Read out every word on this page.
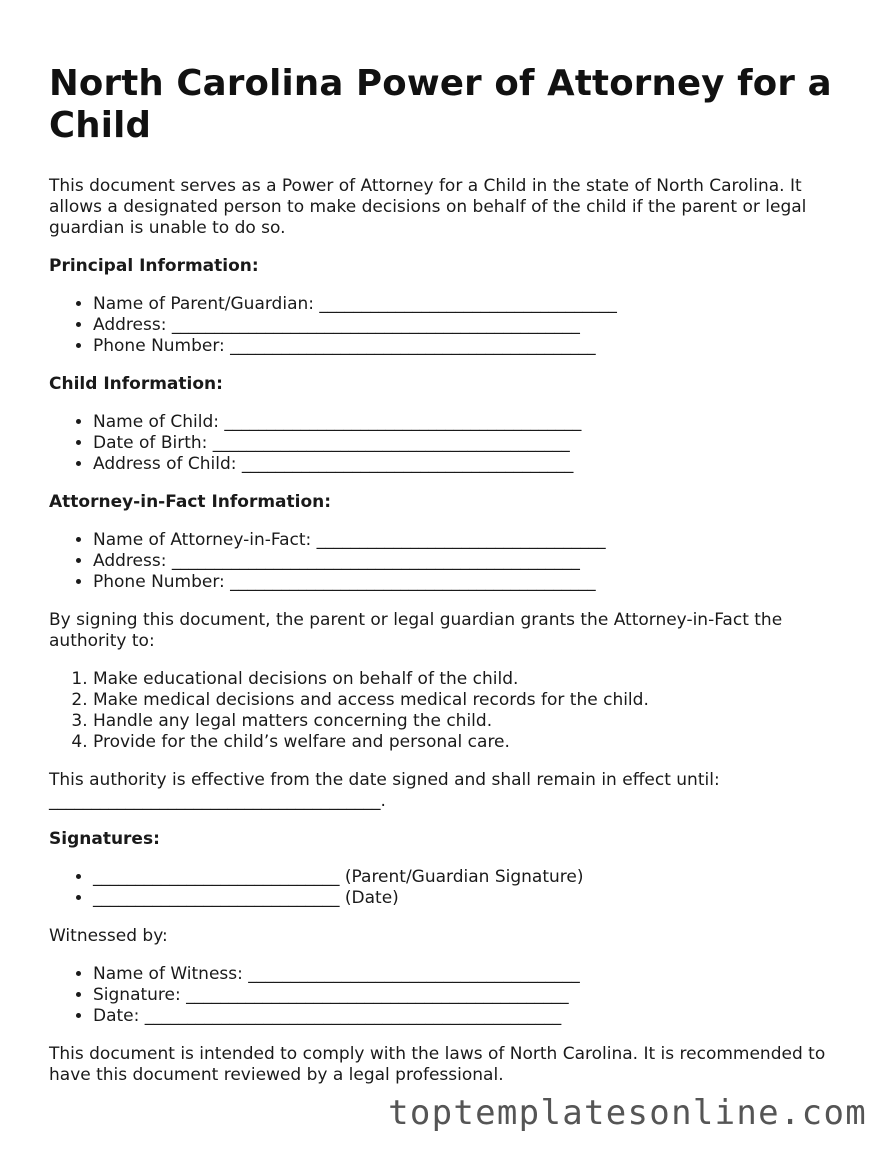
North Carolina Power of Attorney for a Child

This document serves as a Power of Attorney for a Child in the state of North Carolina. It allows a designated person to make decisions on behalf of the child if the parent or legal guardian is unable to do so.

Principal Information:

• Name of Parent/Guardian: ___________________________________
• Address: ________________________________________________
• Phone Number: ___________________________________________

Child Information:

• Name of Child: __________________________________________
• Date of Birth: __________________________________________
• Address of Child: _______________________________________

Attorney-in-Fact Information:

• Name of Attorney-in-Fact: __________________________________
• Address: ________________________________________________
• Phone Number: ___________________________________________

By signing this document, the parent or legal guardian grants the Attorney-in-Fact the authority to:

1. Make educational decisions on behalf of the child.
2. Make medical decisions and access medical records for the child.
3. Handle any legal matters concerning the child.
4. Provide for the child’s welfare and personal care.

This authority is effective from the date signed and shall remain in effect until: _______________________________________.

Signatures:

• _____________________________ (Parent/Guardian Signature)
• _____________________________ (Date)

Witnessed by:

• Name of Witness: _______________________________________
• Signature: _____________________________________________
• Date: _________________________________________________

This document is intended to comply with the laws of North Carolina. It is recommended to have this document reviewed by a legal professional.

toptemplatesonline.com
